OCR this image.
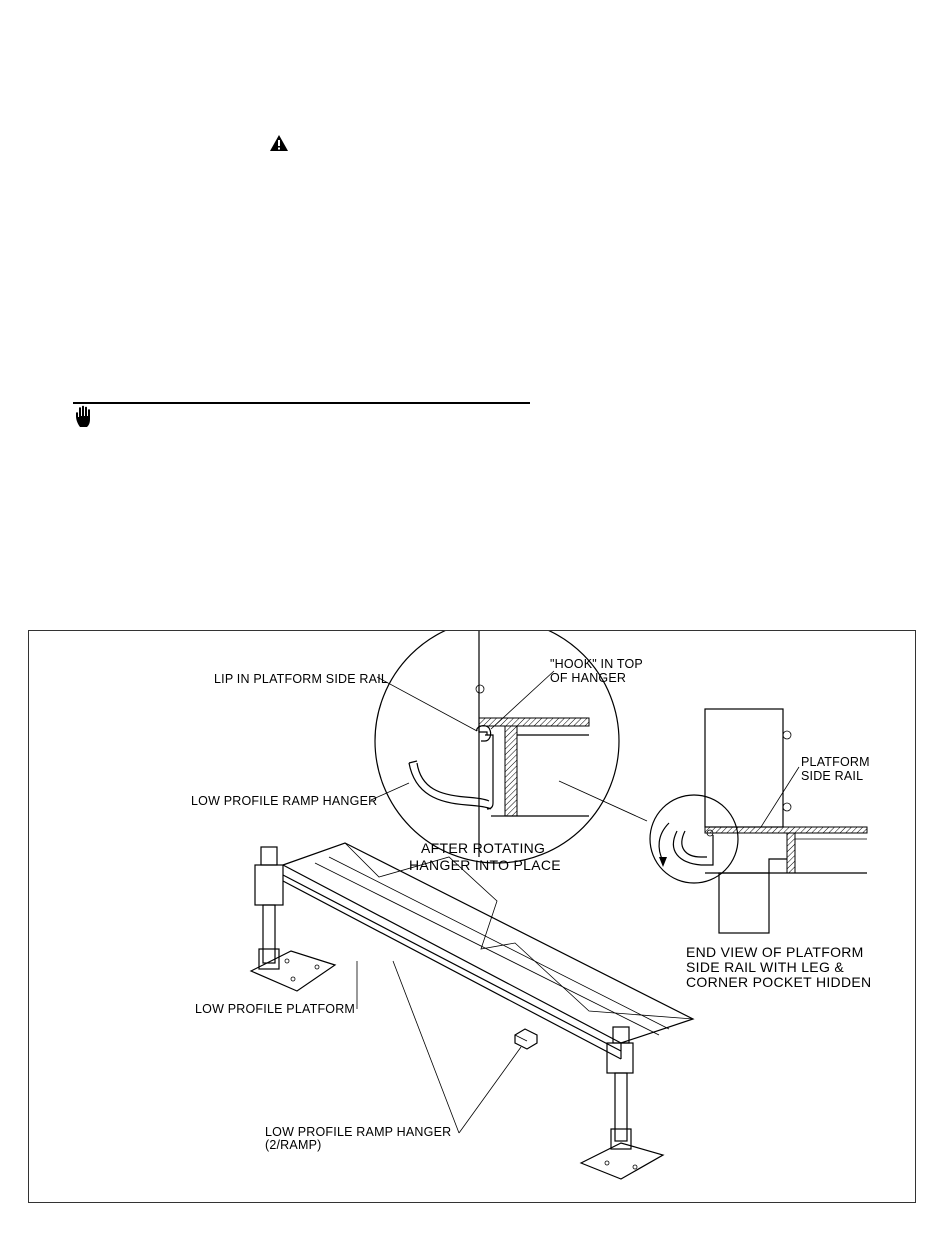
LIP IN PLATFORM SIDE RAIL
"HOOK" IN TOP
OF HANGER
LOW PROFILE RAMP HANGER
AFTER ROTATING
HANGER INTO PLACE
PLATFORM
SIDE RAIL
END VIEW OF PLATFORM
SIDE RAIL WITH LEG &
CORNER POCKET HIDDEN
LOW PROFILE PLATFORM
LOW PROFILE RAMP HANGER
(2/RAMP)
